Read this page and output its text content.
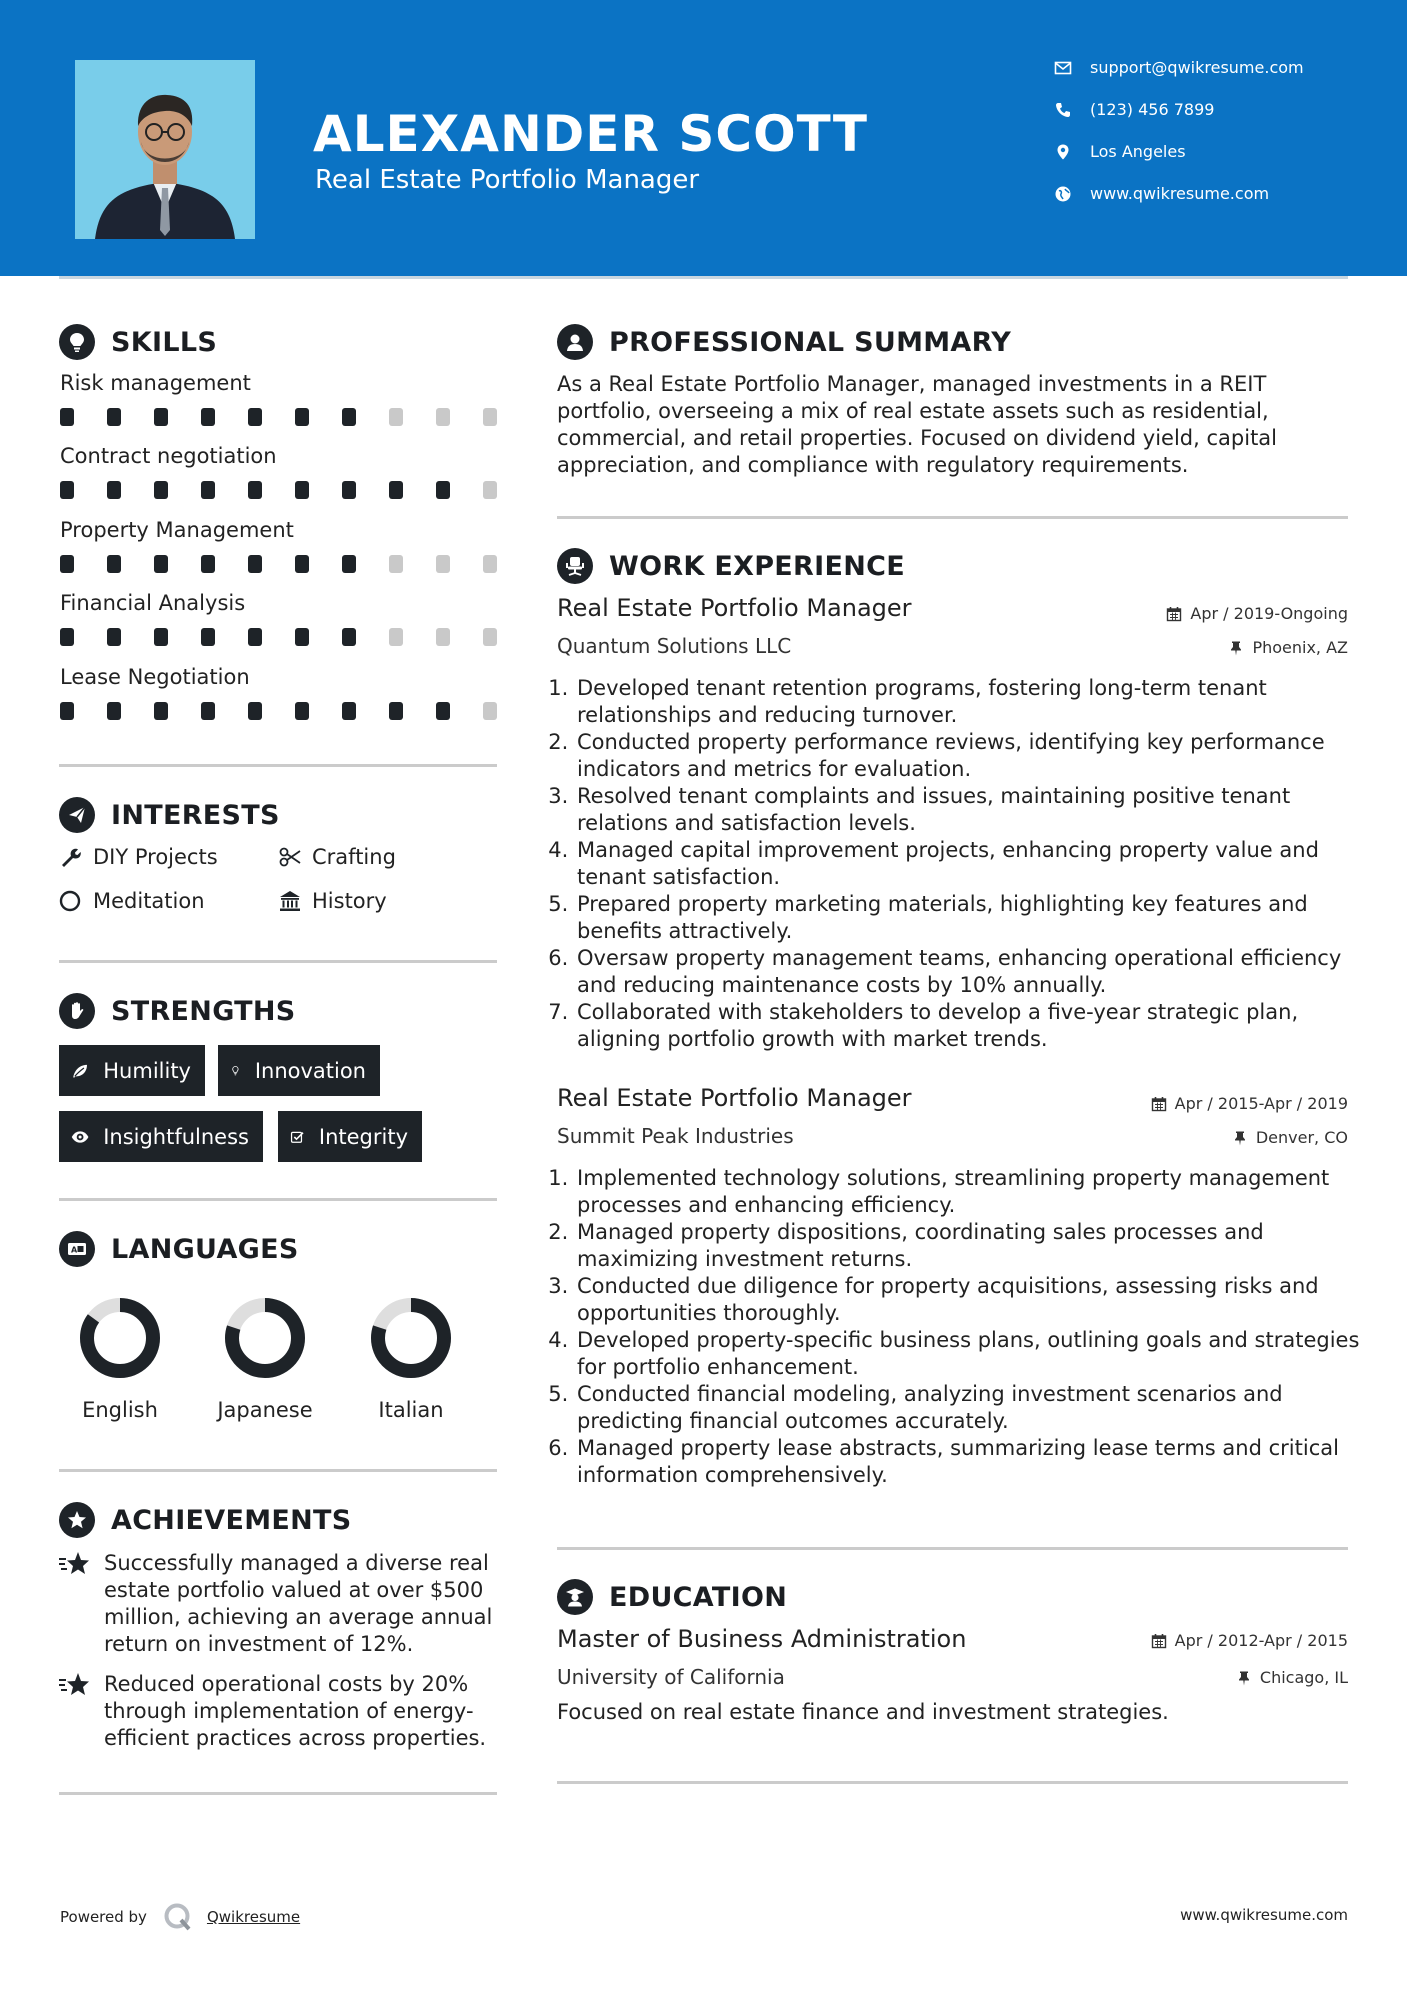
ALEXANDER SCOTT
Real Estate Portfolio Manager
support@qwikresume.com
(123) 456 7899
Los Angeles
www.qwikresume.com
SKILLS
Risk management
Contract negotiation
Property Management
Financial Analysis
Lease Negotiation
INTERESTS
DIY Projects	Crafting
Meditation	History
STRENGTHS
Humility	Innovation
Insightfulness	Integrity
A LANGUAGES
English	Japanese	Italian
ACHIEVEMENTS
Successfully managed a diverse real estate portfolio valued at over $500 million, achieving an average annual return on investment of 12%.
Reduced operational costs by 20% through implementation of energy-efficient practices across properties.
PROFESSIONAL SUMMARY
As a Real Estate Portfolio Manager, managed investments in a REIT portfolio, overseeing a mix of real estate assets such as residential, commercial, and retail properties. Focused on dividend yield, capital appreciation, and compliance with regulatory requirements.
WORK EXPERIENCE
Real Estate Portfolio Manager	Apr / 2019-Ongoing
Quantum Solutions LLC	Phoenix, AZ
1. Developed tenant retention programs, fostering long-term tenant relationships and reducing turnover.
2. Conducted property performance reviews, identifying key performance indicators and metrics for evaluation.
3. Resolved tenant complaints and issues, maintaining positive tenant relations and satisfaction levels.
4. Managed capital improvement projects, enhancing property value and tenant satisfaction.
5. Prepared property marketing materials, highlighting key features and benefits attractively.
6. Oversaw property management teams, enhancing operational efficiency and reducing maintenance costs by 10% annually.
7. Collaborated with stakeholders to develop a five-year strategic plan, aligning portfolio growth with market trends.
Real Estate Portfolio Manager	Apr / 2015-Apr / 2019
Summit Peak Industries	Denver, CO
1. Implemented technology solutions, streamlining property management processes and enhancing efficiency.
2. Managed property dispositions, coordinating sales processes and maximizing investment returns.
3. Conducted due diligence for property acquisitions, assessing risks and opportunities thoroughly.
4. Developed property-specific business plans, outlining goals and strategies for portfolio enhancement.
5. Conducted financial modeling, analyzing investment scenarios and predicting financial outcomes accurately.
6. Managed property lease abstracts, summarizing lease terms and critical information comprehensively.
EDUCATION
Master of Business Administration	Apr / 2012-Apr / 2015
University of California	Chicago, IL
Focused on real estate finance and investment strategies.
Powered by	Qwikresume	www.qwikresume.com
